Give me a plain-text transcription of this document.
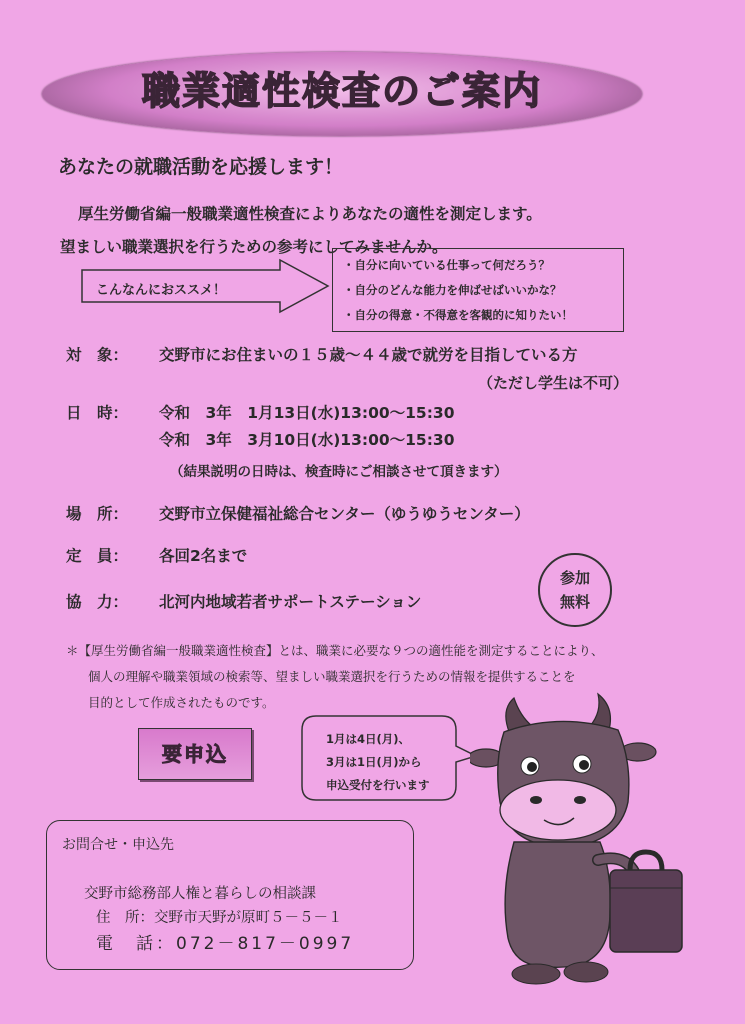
職業適性検査のご案内
あなたの就職活動を応援します！
厚生労働省編一般職業適性検査によりあなたの適性を測定します。
望ましい職業選択を行うための参考にしてみませんか。
こんなんにおススメ！
・自分に向いている仕事って何だろう？
・自分のどんな能力を伸ばせばいいかな？
・自分の得意・不得意を客観的に知りたい！
対　象： 交野市にお住まいの１５歳～４４歳で就労を目指している方
（ただし学生は不可）
日　時： 令和　3年　1月13日(水)13:00～15:30
令和　3年　3月10日(水)13:00～15:30
（結果説明の日時は、検査時にご相談させて頂きます）
場　所： 交野市立保健福祉総合センター（ゆうゆうセンター）
定　員： 各回2名まで
協　力： 北河内地域若者サポートステーション
参加
無料
＊【厚生労働省編一般職業適性検査】とは、職業に必要な９つの適性能を測定することにより、
個人の理解や職業領域の検索等、望ましい職業選択を行うための情報を提供することを
目的として作成されたものです。
要申込
1月は4日(月)、
3月は1日(月)から
申込受付を行います
お問合せ・申込先
交野市総務部人権と暮らしの相談課
住　所：交野市天野が原町５－５－１
電　話：072－817－0997
